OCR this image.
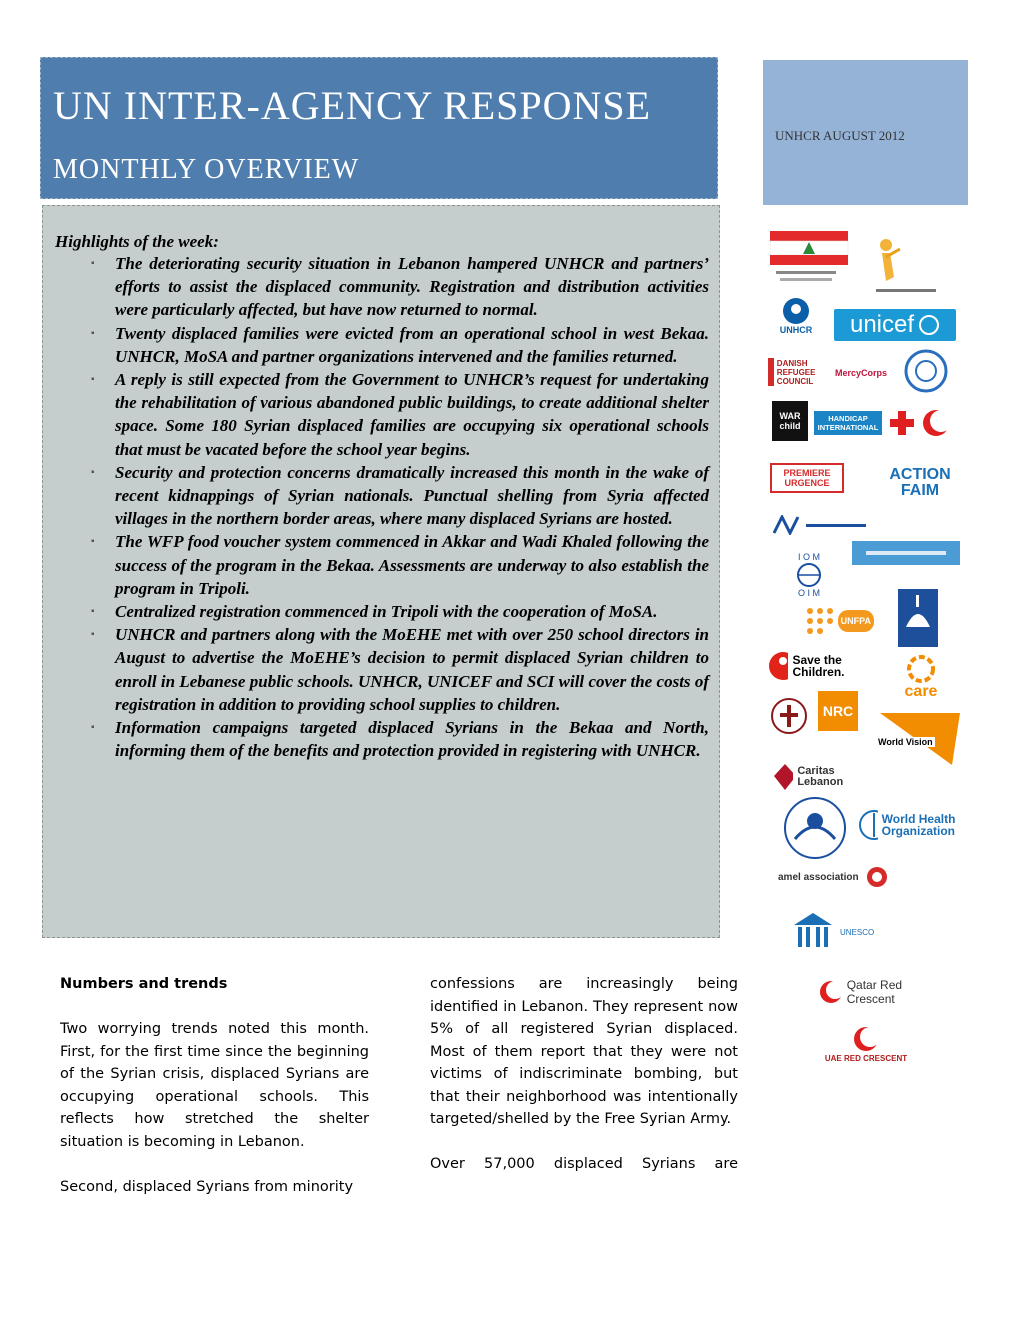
UN INTER-AGENCY RESPONSE
MONTHLY OVERVIEW
UNHCR AUGUST 2012
Highlights of the week:
▪ The deteriorating security situation in Lebanon hampered UNHCR and partners’ efforts to assist the displaced community. Registration and distribution activities were particularly affected, but have now returned to normal.
▪ Twenty displaced families were evicted from an operational school in west Bekaa. UNHCR, MoSA and partner organizations intervened and the families returned.
▪ A reply is still expected from the Government to UNHCR’s request for undertaking the rehabilitation of various abandoned public buildings, to create additional shelter space. Some 180 Syrian displaced families are occupying six operational schools that must be vacated before the school year begins.
▪ Security and protection concerns dramatically increased this month in the wake of recent kidnappings of Syrian nationals. Punctual shelling from Syria affected villages in the northern border areas, where many displaced Syrians are hosted.
▪ The WFP food voucher system commenced in Akkar and Wadi Khaled following the success of the program in the Bekaa. Assessments are underway to also establish the program in Tripoli.
▪ Centralized registration commenced in Tripoli with the cooperation of MoSA.
▪ UNHCR and partners along with the MoEHE met with over 250 school directors in August to advertise the MoEHE’s decision to permit displaced Syrian children to enroll in Lebanese public schools. UNHCR, UNICEF and SCI will cover the costs of registration in addition to providing school supplies to children.
▪ Information campaigns targeted displaced Syrians in the Bekaa and North, informing them of the benefits and protection provided in registering with UNHCR.

Numbers and trends

Two worrying trends noted this month. First, for the first time since the beginning of the Syrian crisis, displaced Syrians are occupying operational schools. This reflects how stretched the shelter situation is becoming in Lebanon.

Second, displaced Syrians from minority

confessions are increasingly being identified in Lebanon. They represent now 5% of all registered Syrian displaced. Most of them report that they were not victims of indiscriminate bombing, but that their neighborhood was intentionally targeted/shelled by the Free Syrian Army.

Over 57,000 displaced Syrians are

UNHCR unicef
DANISH REFUGEE COUNCIL
MercyCorps
WAR child
HANDICAP INTERNATIONAL
PREMIERE URGENCE	ACTION FAIM
I O M
O I M
UNFPA
Save the Children.
care
NRC
World Vision
Caritas Lebanon
World Health Organization
amel association
UNESCO
Qatar Red Crescent
UAE RED CRESCENT
